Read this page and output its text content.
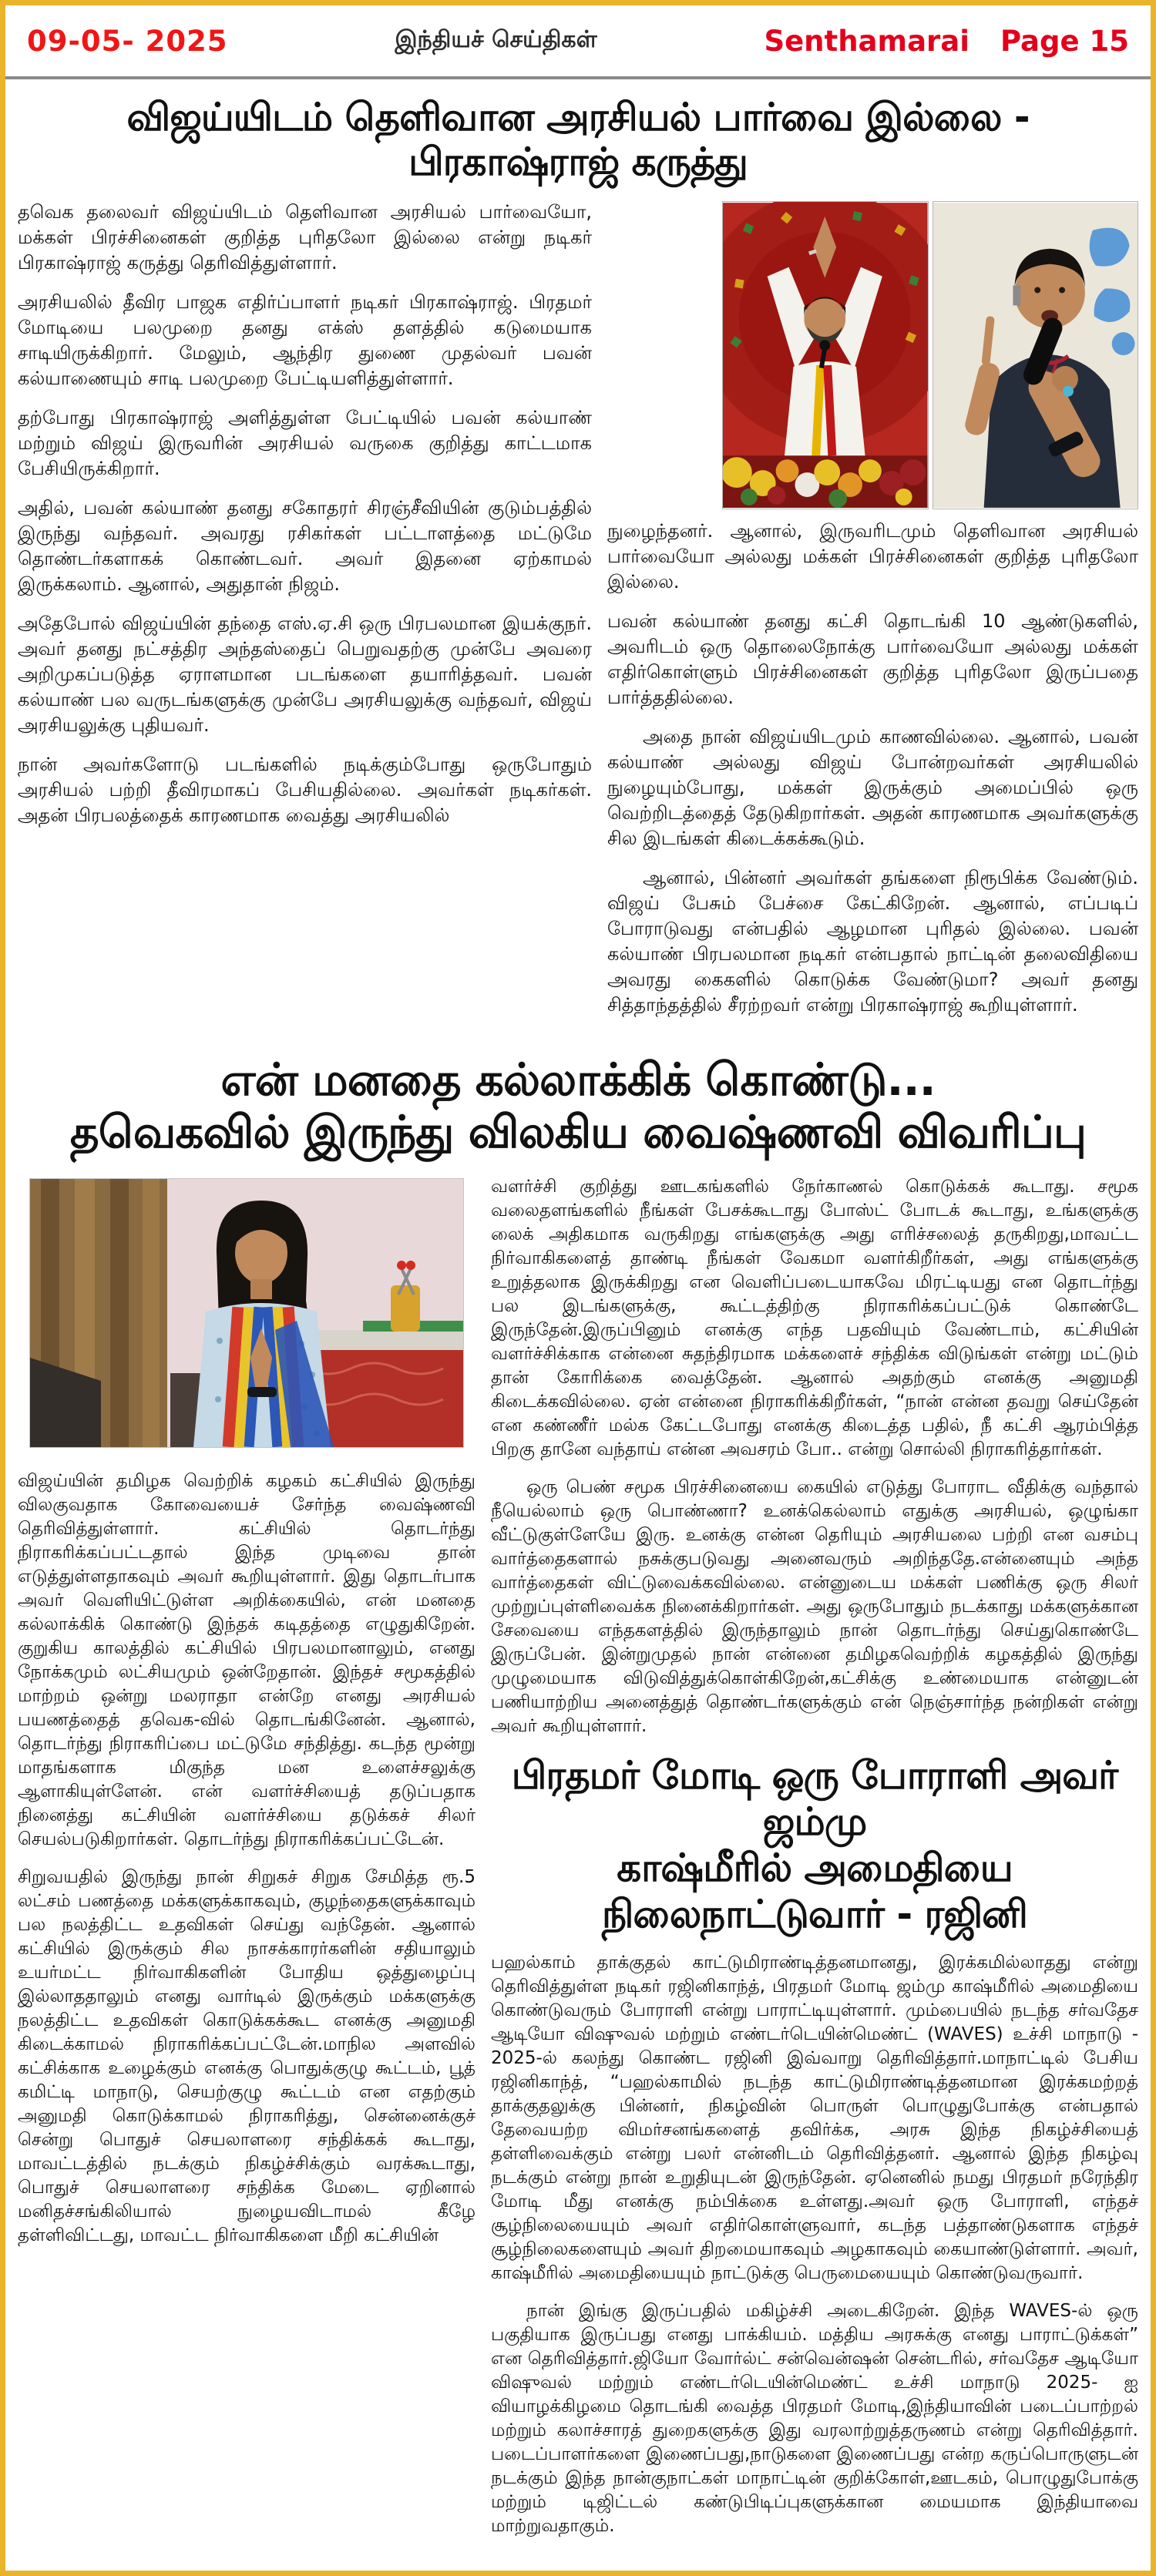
09-05- 2025	இந்தியச் செய்திகள்	Senthamarai Page 15
விஜய்யிடம் தெளிவான அரசியல் பார்வை இல்லை - பிரகாஷ்ராஜ் கருத்து

தவெக தலைவர் விஜய்யிடம் தெளிவான அரசியல் பார்வையோ, மக்கள் பிரச்சினைகள் குறித்த புரிதலோ இல்லை என்று நடிகர் பிரகாஷ்ராஜ் கருத்து தெரிவித்துள்ளார்.

அரசியலில் தீவிர பாஜக எதிர்ப்பாளர் நடிகர் பிரகாஷ்ராஜ். பிரதமர் மோடியை பலமுறை தனது எக்ஸ் தளத்தில் கடுமையாக சாடியிருக்கிறார். மேலும், ஆந்திர துணை முதல்வர் பவன் கல்யாணையும் சாடி பலமுறை பேட்டியளித்துள்ளார்.

தற்போது பிரகாஷ்ராஜ் அளித்துள்ள பேட்டியில் பவன் கல்யாண் மற்றும் விஜய் இருவரின் அரசியல் வருகை குறித்து காட்டமாக பேசியிருக்கிறார்.

அதில், பவன் கல்யாண் தனது சகோதரர் சிரஞ்சீவியின் குடும்பத்தில் இருந்து வந்தவர். அவரது ரசிகர்கள் பட்டாளத்தை மட்டுமே தொண்டர்களாகக் கொண்டவர். அவர் இதனை ஏற்காமல் இருக்கலாம். ஆனால், அதுதான் நிஜம்.

அதேபோல் விஜய்யின் தந்தை எஸ்.ஏ.சி ஒரு பிரபலமான இயக்குநர். அவர் தனது நட்சத்திர அந்தஸ்தைப் பெறுவதற்கு முன்பே அவரை அறிமுகப்படுத்த ஏராளமான படங்களை தயாரித்தவர். பவன் கல்யாண் பல வருடங்களுக்கு முன்பே அரசியலுக்கு வந்தவர், விஜய் அரசியலுக்கு புதியவர்.

நான் அவர்களோடு படங்களில் நடிக்கும்போது ஒருபோதும் அரசியல் பற்றி தீவிரமாகப் பேசியதில்லை. அவர்கள் நடிகர்கள். அதன் பிரபலத்தைக் காரணமாக வைத்து அரசியலில்

நுழைந்தனர். ஆனால், இருவரிடமும் தெளிவான அரசியல் பார்வையோ அல்லது மக்கள் பிரச்சினைகள் குறித்த புரிதலோ இல்லை.

பவன் கல்யாண் தனது கட்சி தொடங்கி 10 ஆண்டுகளில், அவரிடம் ஒரு தொலைநோக்கு பார்வையோ அல்லது மக்கள் எதிர்கொள்ளும் பிரச்சினைகள் குறித்த புரிதலோ இருப்பதை பார்த்ததில்லை.

அதை நான் விஜய்யிடமும் காணவில்லை. ஆனால், பவன் கல்யாண் அல்லது விஜய் போன்றவர்கள் அரசியலில் நுழையும்போது, மக்கள் இருக்கும் அமைப்பில் ஒரு வெற்றிடத்தைத் தேடுகிறார்கள். அதன் காரணமாக அவர்களுக்கு சில இடங்கள் கிடைக்கக்கூடும்.

ஆனால், பின்னர் அவர்கள் தங்களை நிரூபிக்க வேண்டும். விஜய் பேசும் பேச்சை கேட்கிறேன். ஆனால், எப்படிப் போராடுவது என்பதில் ஆழமான புரிதல் இல்லை. பவன் கல்யாண் பிரபலமான நடிகர் என்பதால் நாட்டின் தலைவிதியை அவரது கைகளில் கொடுக்க வேண்டுமா? அவர் தனது சித்தாந்தத்தில் சீரற்றவர் என்று பிரகாஷ்ராஜ் கூறியுள்ளார்.

என் மனதை கல்லாக்கிக் கொண்டு...
தவெகவில் இருந்து விலகிய வைஷ்ணவி விவரிப்பு

விஜய்யின் தமிழக வெற்றிக் கழகம் கட்சியில் இருந்து விலகுவதாக கோவையைச் சேர்ந்த வைஷ்ணவி தெரிவித்துள்ளார். கட்சியில் தொடர்ந்து நிராகரிக்கப்பட்டதால் இந்த முடிவை தான் எடுத்துள்ளதாகவும் அவர் கூறியுள்ளார். இது தொடர்பாக அவர் வெளியிட்டுள்ள அறிக்கையில், என் மனதை கல்லாக்கிக் கொண்டு இந்தக் கடிதத்தை எழுதுகிறேன். குறுகிய காலத்தில் கட்சியில் பிரபலமானாலும், எனது நோக்கமும் லட்சியமும் ஒன்றேதான். இந்தச் சமூகத்தில் மாற்றம் ஒன்று மலராதா என்றே எனது அரசியல் பயணத்தைத் தவெக-வில் தொடங்கினேன். ஆனால், தொடர்ந்து நிராகரிப்பை மட்டுமே சந்தித்து. கடந்த மூன்று மாதங்களாக மிகுந்த மன உளைச்சலுக்கு ஆளாகியுள்ளேன். என் வளர்ச்சியைத் தடுப்பதாக நினைத்து கட்சியின் வளர்ச்சியை தடுக்கச் சிலர் செயல்படுகிறார்கள். தொடர்ந்து நிராகரிக்கப்பட்டேன்.

சிறுவயதில் இருந்து நான் சிறுகச் சிறுக சேமித்த ரூ.5 லட்சம் பணத்தை மக்களுக்காகவும், குழந்தைகளுக்காவும் பல நலத்திட்ட உதவிகள் செய்து வந்தேன். ஆனால் கட்சியில் இருக்கும் சில நாசக்காரர்களின் சதியாலும் உயர்மட்ட நிர்வாகிகளின் போதிய ஒத்துழைப்பு இல்லாததாலும் எனது வார்டில் இருக்கும் மக்களுக்கு நலத்திட்ட உதவிகள் கொடுக்கக்கூட எனக்கு அனுமதி கிடைக்காமல் நிராகரிக்கப்பட்டேன்.மாநில அளவில் கட்சிக்காக உழைக்கும் எனக்கு பொதுக்குழு கூட்டம், பூத் கமிட்டி மாநாடு, செயற்குழு கூட்டம் என எதற்கும் அனுமதி கொடுக்காமல் நிராகரித்து, சென்னைக்குச் சென்று பொதுச் செயலாளரை சந்திக்கக் கூடாது, மாவட்டத்தில் நடக்கும் நிகழ்ச்சிக்கும் வரக்கூடாது, பொதுச் செயலாளரை சந்திக்க மேடை ஏறினால் மனிதச்சங்கிலியால் நுழையவிடாமல் கீழே தள்ளிவிட்டது, மாவட்ட நிர்வாகிகளை மீறி கட்சியின்

வளர்ச்சி குறித்து ஊடகங்களில் நேர்காணல் கொடுக்கக் கூடாது. சமூக வலைதளங்களில் நீங்கள் பேசக்கூடாது போஸ்ட் போடக் கூடாது, உங்களுக்கு லைக் அதிகமாக வருகிறது எங்களுக்கு அது எரிச்சலைத் தருகிறது,மாவட்ட நிர்வாகிகளைத் தாண்டி நீங்கள் வேகமா வளர்கிறீர்கள், அது எங்களுக்கு உறுத்தலாக இருக்கிறது என வெளிப்படையாகவே மிரட்டியது என தொடர்ந்து பல இடங்களுக்கு, கூட்டத்திற்கு நிராகரிக்கப்பட்டுக் கொண்டே இருந்தேன்.இருப்பினும் எனக்கு எந்த பதவியும் வேண்டாம், கட்சியின் வளர்ச்சிக்காக என்னை சுதந்திரமாக மக்களைச் சந்திக்க விடுங்கள் என்று மட்டும் தான் கோரிக்கை வைத்தேன். ஆனால் அதற்கும் எனக்கு அனுமதி கிடைக்கவில்லை. ஏன் என்னை நிராகரிக்கிறீர்கள், “நான் என்ன தவறு செய்தேன் என கண்ணீர் மல்க கேட்டபோது எனக்கு கிடைத்த பதில், நீ கட்சி ஆரம்பித்த பிறகு தானே வந்தாய் என்ன அவசரம் போ.. என்று சொல்லி நிராகரித்தார்கள்.

ஒரு பெண் சமூக பிரச்சினையை கையில் எடுத்து போராட வீதிக்கு வந்தால் நீயெல்லாம் ஒரு பொண்ணா? உனக்கெல்லாம் எதுக்கு அரசியல், ஒழுங்கா வீட்டுகுள்ளேயே இரு. உனக்கு என்ன தெரியும் அரசியலை பற்றி என வசம்பு வார்த்தைகளால் நசுக்குபடுவது அனைவரும் அறிந்ததே.என்னையும் அந்த வார்த்தைகள் விட்டுவைக்கவில்லை. என்னுடைய மக்கள் பணிக்கு ஒரு சிலர் முற்றுப்புள்ளிவைக்க நினைக்கிறார்கள். அது ஒருபோதும் நடக்காது மக்களுக்கான சேவையை எந்தகளத்தில் இருந்தாலும் நான் தொடர்ந்து செய்துகொண்டே இருப்பேன். இன்றுமுதல் நான் என்னை தமிழகவெற்றிக் கழகத்தில் இருந்து முழுமையாக விடுவித்துக்கொள்கிறேன்,கட்சிக்கு உண்மையாக என்னுடன் பணியாற்றிய அனைத்துத் தொண்டர்களுக்கும் என் நெஞ்சார்ந்த நன்றிகள் என்று அவர் கூறியுள்ளார்.

பிரதமர் மோடி ஒரு போராளி அவர் ஜம்மு
காஷ்மீரில் அமைதியை நிலைநாட்டுவார் - ரஜினி

பஹல்காம் தாக்குதல் காட்டுமிராண்டித்தனமானது, இரக்கமில்லாதது என்று தெரிவித்துள்ள நடிகர் ரஜினிகாந்த், பிரதமர் மோடி ஜம்மு காஷ்மீரில் அமைதியை கொண்டுவரும் போராளி என்று பாராட்டியுள்ளார். மும்பையில் நடந்த சர்வதேச ஆடியோ விஷுவல் மற்றும் எண்டர்டெயின்மெண்ட் (WAVES) உச்சி மாநாடு - 2025-ல் கலந்து கொண்ட ரஜினி இவ்வாறு தெரிவித்தார்.மாநாட்டில் பேசிய ரஜினிகாந்த், “பஹல்காமில் நடந்த காட்டுமிராண்டித்தனமான இரக்கமற்றத் தாக்குதலுக்கு பின்னர், நிகழ்வின் பொருள் பொழுதுபோக்கு என்பதால் தேவையற்ற விமர்சனங்களைத் தவிர்க்க, அரசு இந்த நிகழ்ச்சியைத் தள்ளிவைக்கும் என்று பலர் என்னிடம் தெரிவித்தனர். ஆனால் இந்த நிகழ்வு நடக்கும் என்று நான் உறுதியுடன் இருந்தேன். ஏனெனில் நமது பிரதமர் நரேந்திர மோடி மீது எனக்கு நம்பிக்கை உள்ளது.அவர் ஒரு போராளி, எந்தச் சூழ்நிலையையும் அவர் எதிர்கொள்ளுவார், கடந்த பத்தாண்டுகளாக எந்தச் சூழ்நிலைகளையும் அவர் திறமையாகவும் அழகாகவும் கையாண்டுள்ளார். அவர், காஷ்மீரில் அமைதியையும் நாட்டுக்கு பெருமையையும் கொண்டுவருவார்.

நான் இங்கு இருப்பதில் மகிழ்ச்சி அடைகிறேன். இந்த WAVES-ல் ஒரு பகுதியாக இருப்பது எனது பாக்கியம். மத்திய அரசுக்கு எனது பாராட்டுக்கள்” என தெரிவித்தார்.ஜியோ வோர்ல்ட் சன்வென்ஷன் சென்டரில், சர்வதேச ஆடியோ விஷுவல் மற்றும் எண்டர்டெயின்மெண்ட் உச்சி மாநாடு 2025- ஐ வியாழக்கிழமை தொடங்கி வைத்த பிரதமர் மோடி,இந்தியாவின் படைப்பாற்றல் மற்றும் கலாச்சாரத் துறைகளுக்கு இது வரலாற்றுத்தருணம் என்று தெரிவித்தார். படைப்பாளர்களை இணைப்பது,நாடுகளை இணைப்பது என்ற கருப்பொருளுடன் நடக்கும் இந்த நான்குநாட்கள் மாநாட்டின் குறிக்கோள்,ஊடகம், பொழுதுபோக்கு மற்றும் டிஜிட்டல் கண்டுபிடிப்புகளுக்கான மையமாக இந்தியாவை மாற்றுவதாகும்.
